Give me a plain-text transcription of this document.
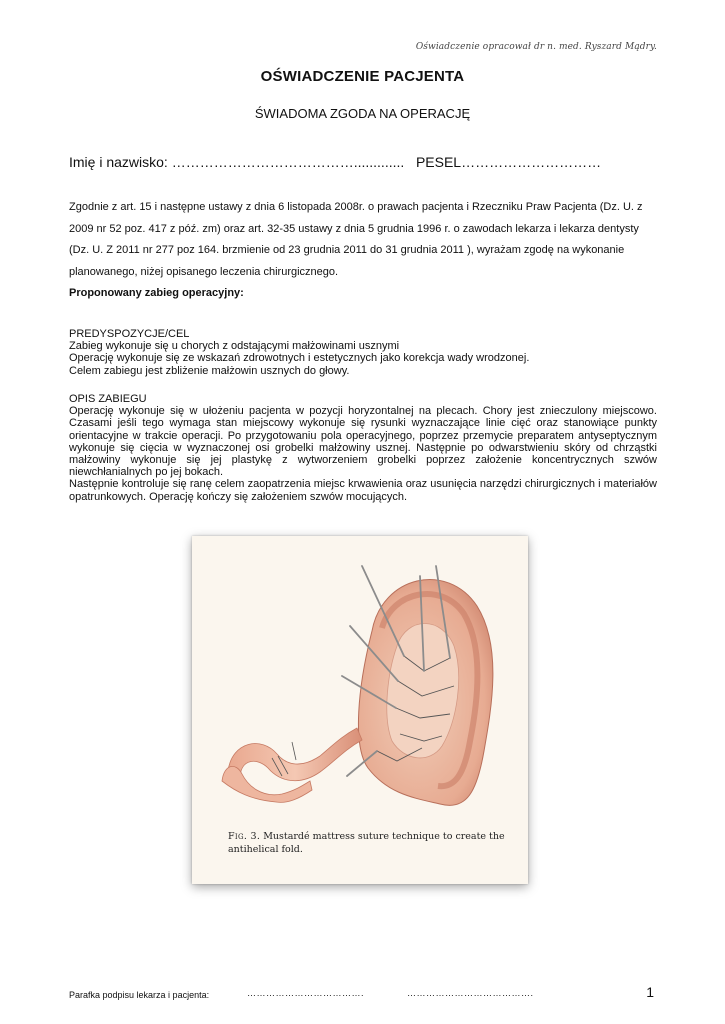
Oświadczenie opracował dr n. med. Ryszard Mądry.
OŚWIADCZENIE PACJENTA
ŚWIADOMA ZGODA NA OPERACJĘ
Imię i nazwisko: …………………………………............. PESEL…………………………
Zgodnie z art. 15 i następne ustawy z dnia 6 listopada 2008r. o prawach pacjenta i Rzeczniku Praw Pacjenta (Dz. U. z 2009 nr 52 poz. 417 z póź. zm) oraz art. 32-35 ustawy z dnia 5 grudnia 1996 r. o zawodach lekarza i lekarza dentysty (Dz. U. Z 2011 nr 277 poz 164. brzmienie od 23 grudnia 2011 do 31 grudnia 2011 ), wyrażam zgodę na wykonanie planowanego, niżej opisanego leczenia chirurgicznego.
Proponowany zabieg operacyjny:

PREDYSPOZYCJE/CEL

Zabieg wykonuje się u chorych z odstającymi małżowinami usznymi

Operację wykonuje się ze wskazań zdrowotnych i estetycznych jako korekcja wady wrodzonej.

Celem zabiegu jest zbliżenie małżowin usznych do głowy.

OPIS ZABIEGU

Operację wykonuje się w ułożeniu pacjenta w pozycji horyzontalnej na plecach. Chory jest znieczulony miejscowo. Czasami jeśli tego wymaga stan miejscowy wykonuje się rysunki wyznaczające linie cięć oraz stanowiące punkty orientacyjne w trakcie operacji. Po przygotowaniu pola operacyjnego, poprzez przemycie preparatem antyseptycznym wykonuje się cięcia w wyznaczonej osi grobelki małżowiny usznej. Następnie po odwarstwieniu skóry od chrząstki małżowiny wykonuje się jej plastykę z wytworzeniem grobelki poprzez założenie koncentrycznych szwów niewchłanialnych po jej bokach.

Następnie kontroluje się ranę celem zaopatrzenia miejsc krwawienia oraz usunięcia narzędzi chirurgicznych i materiałów opatrunkowych. Operację kończy się założeniem szwów mocujących.

Fig. 3. Mustardé mattress suture technique to create the antihelical fold.
Parafka podpisu lekarza i pacjenta:	……………………………….	………………………………….	1
